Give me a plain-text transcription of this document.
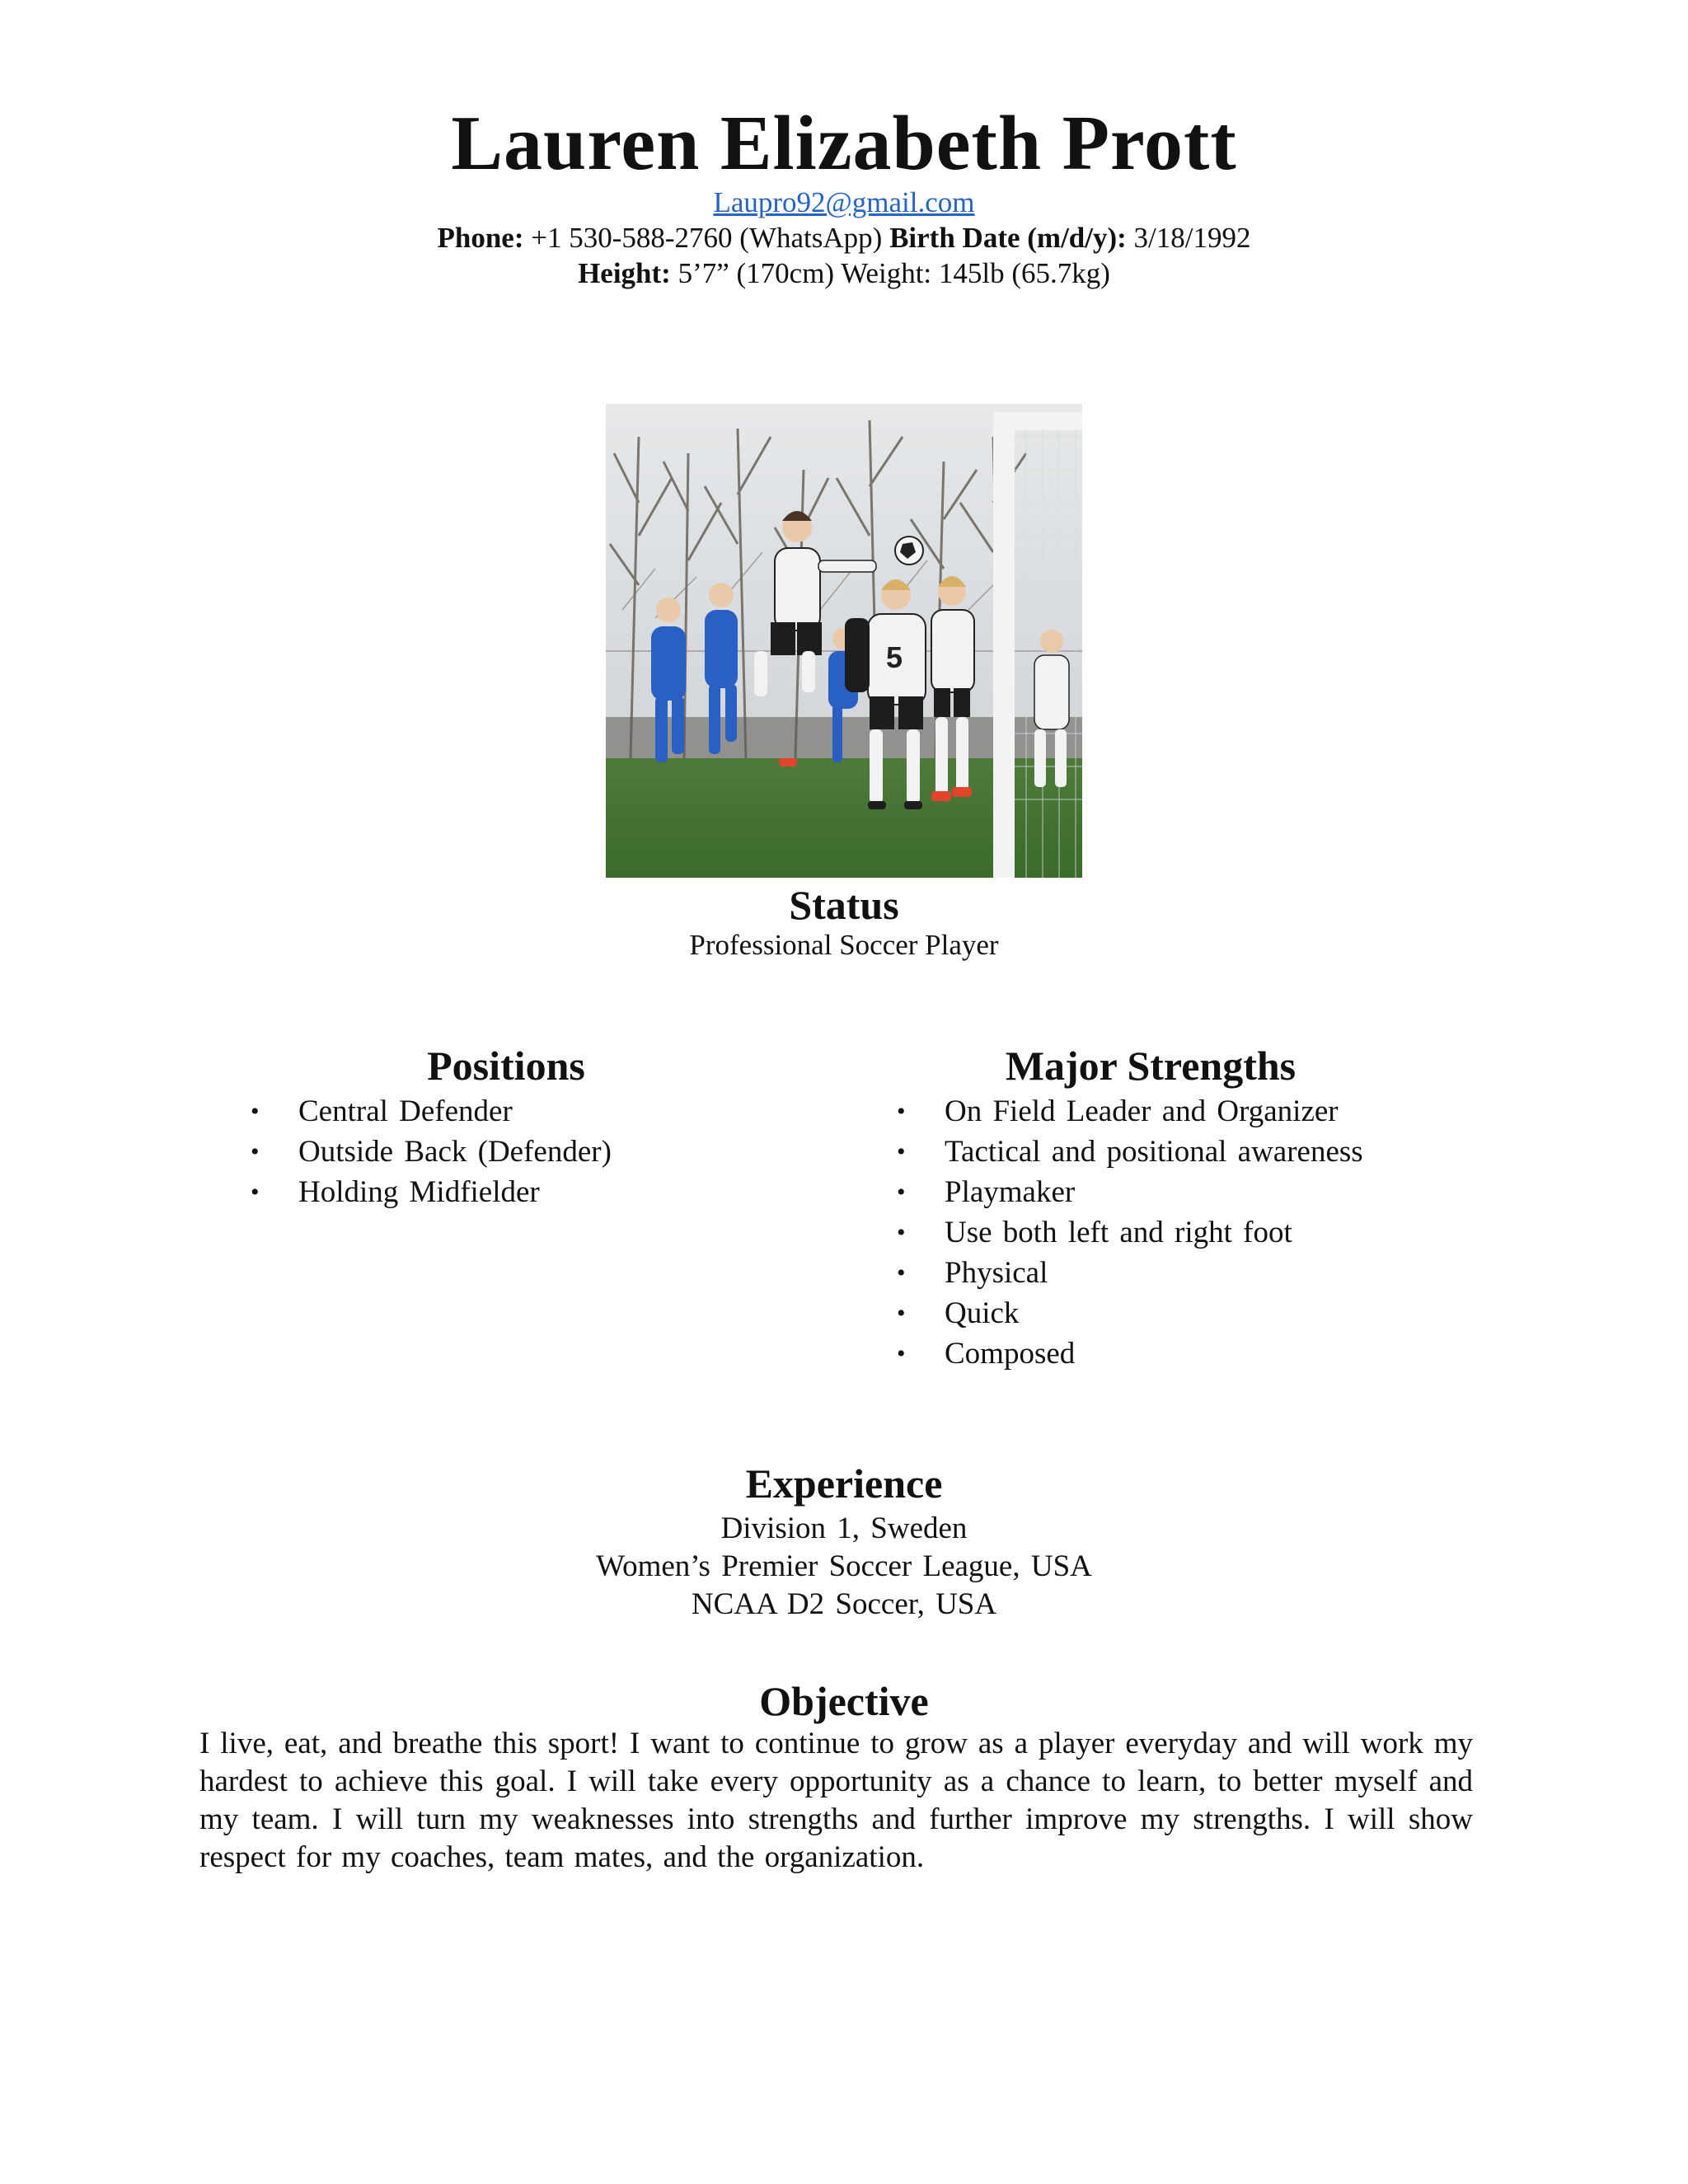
Lauren Elizabeth Prott
Laupro92@gmail.com
Phone: +1 530-588-2760 (WhatsApp) Birth Date (m/d/y): 3/18/1992
Height: 5’7” (170cm) Weight: 145lb (65.7kg)
5
Status
Professional Soccer Player
Positions
• Central Defender
• Outside Back (Defender)
• Holding Midfielder
Major Strengths
• On Field Leader and Organizer
• Tactical and positional awareness
• Playmaker
• Use both left and right foot
• Physical
• Quick
• Composed
Experience
Division 1, Sweden
Women’s Premier Soccer League, USA
NCAA D2 Soccer, USA
Objective

I live, eat, and breathe this sport! I want to continue to grow as a player everyday and will work my hardest to achieve this goal. I will take every opportunity as a chance to learn, to better myself and my team. I will turn my weaknesses into strengths and further improve my strengths. I will show respect for my coaches, team mates, and the organization.
